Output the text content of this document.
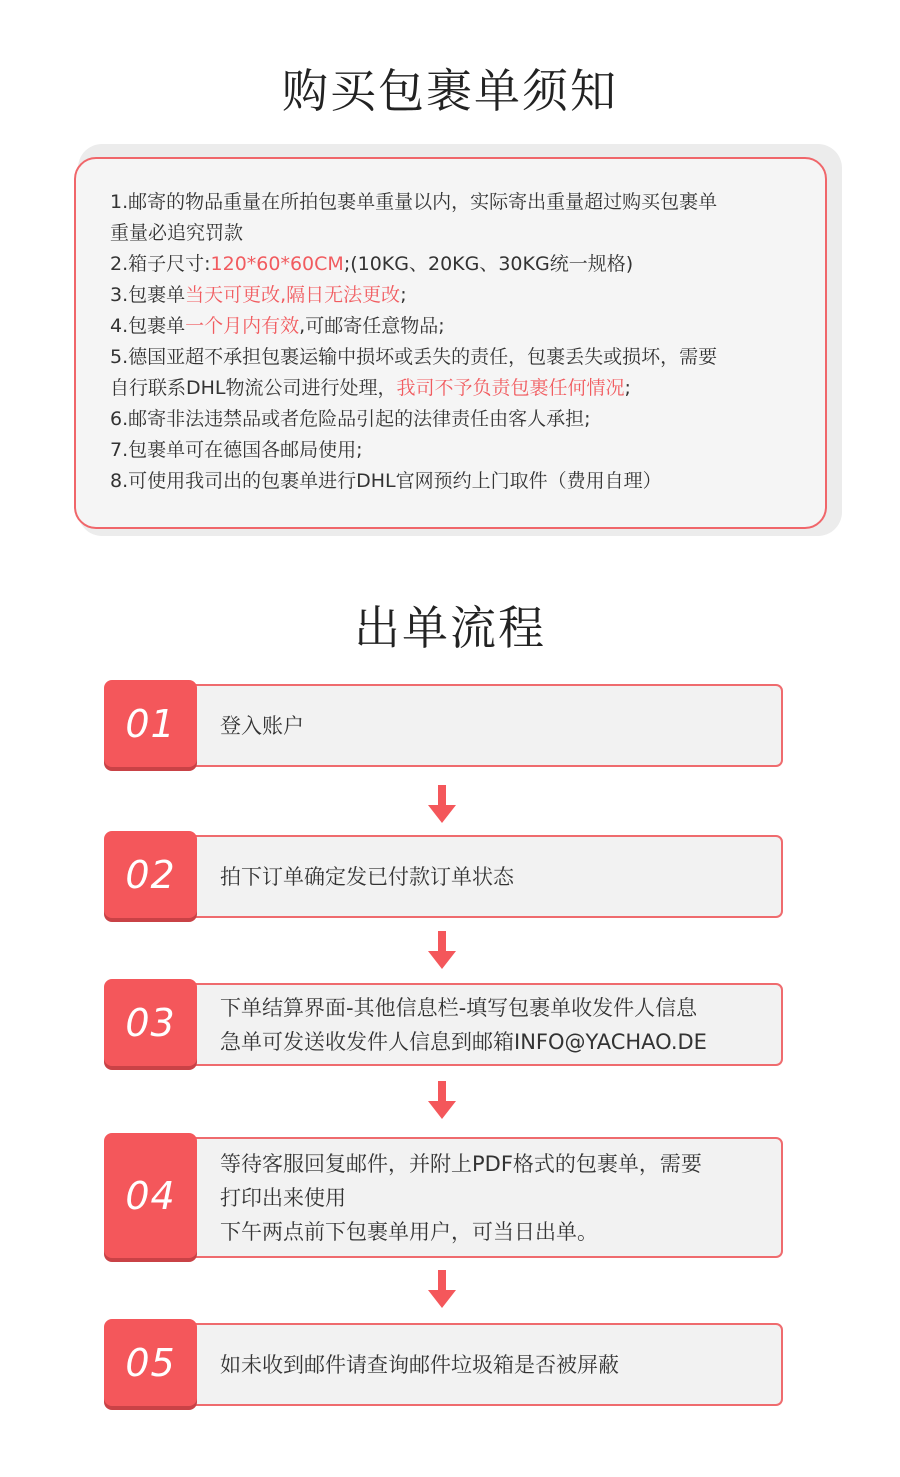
购买包裹单须知

1.邮寄的物品重量在所拍包裹单重量以内，实际寄出重量超过购买包裹单

重量必追究罚款

2.箱子尺寸:120*60*60CM;(10KG、20KG、30KG统一规格)

3.包裹单当天可更改,隔日无法更改;

4.包裹单一个月内有效,可邮寄任意物品;

5.德国亚超不承担包裹运输中损坏或丢失的责任，包裹丢失或损坏，需要

自行联系DHL物流公司进行处理，我司不予负责包裹任何情况;

6.邮寄非法违禁品或者危险品引起的法律责任由客人承担;

7.包裹单可在德国各邮局使用;

8.可使用我司出的包裹单进行DHL官网预约上门取件（费用自理）

出单流程
01	登入账户
02	拍下订单确定发已付款订单状态
03	下单结算界面-其他信息栏-填写包裹单收发件人信息
急单可发送收发件人信息到邮箱INFO@YACHAO.DE
04
等待客服回复邮件，并附上PDF格式的包裹单，需要
打印出来使用
下午两点前下包裹单用户，可当日出单。
05	如未收到邮件请查询邮件垃圾箱是否被屏蔽
